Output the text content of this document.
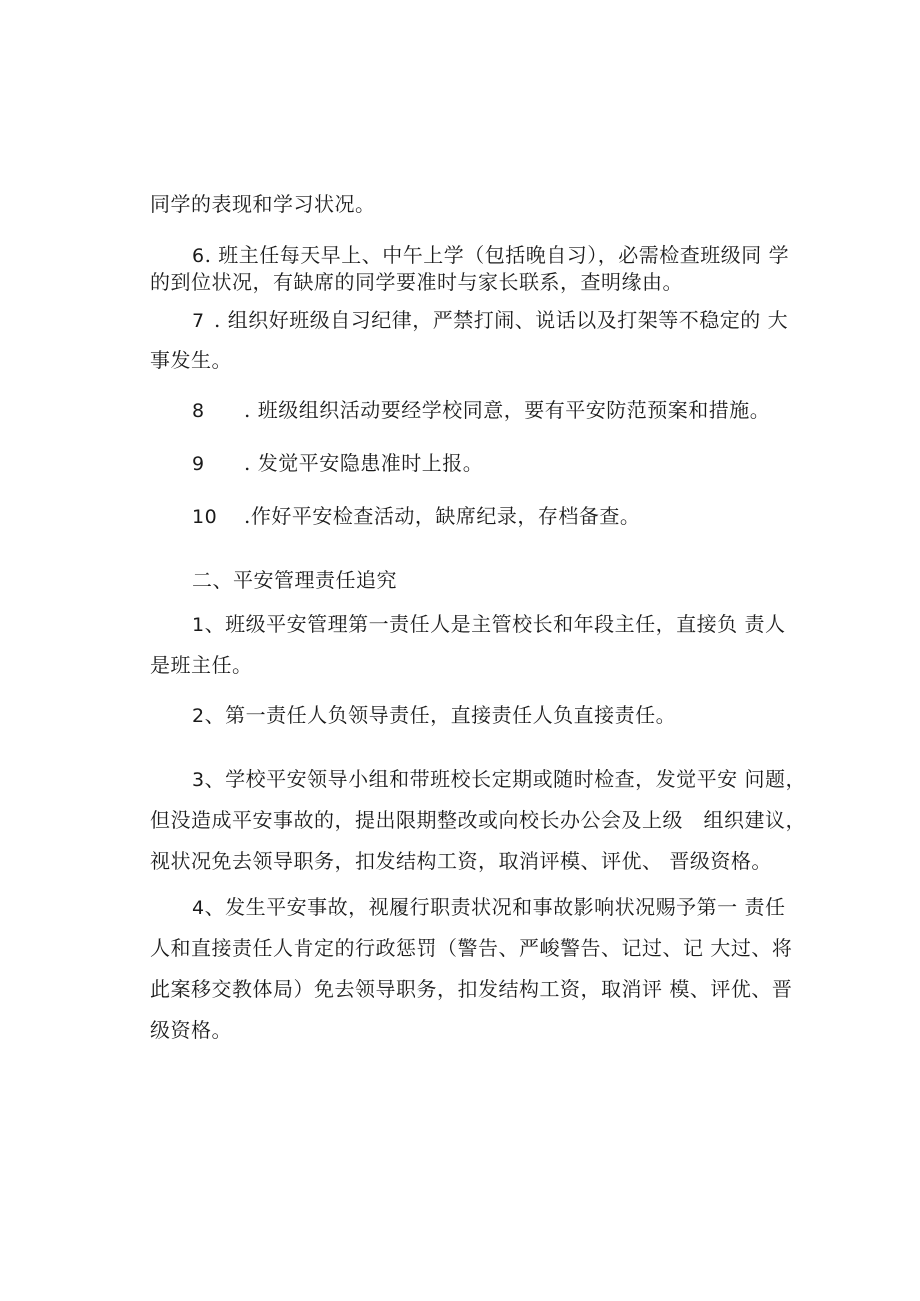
同学的表现和学习状况。
6. 班主任每天早上、中午上学（包括晚自习），必需检查班级同 学
的到位状况，有缺席的同学要准时与家长联系，查明缘由。
7 . 组织好班级自习纪律，严禁打闹、说话以及打架等不稳定的 大
事发生。
8 . 班级组织活动要经学校同意，要有平安防范预案和措施。
9 . 发觉平安隐患准时上报。
10 .作好平安检查活动，缺席纪录，存档备查。
二、平安管理责任追究
1、班级平安管理第一责任人是主管校长和年段主任，直接负 责人
是班主任。
2、第一责任人负领导责任，直接责任人负直接责任。
3、学校平安领导小组和带班校长定期或随时检查，发觉平安 问题，
但没造成平安事故的，提出限期整改或向校长办公会及上级　组织建议，
视状况免去领导职务，扣发结构工资，取消评模、评优、 晋级资格。
4、发生平安事故，视履行职责状况和事故影响状况赐予第一 责任
人和直接责任人肯定的行政惩罚（警告、严峻警告、记过、记 大过、将
此案移交教体局）免去领导职务，扣发结构工资，取消评 模、评优、晋
级资格。
